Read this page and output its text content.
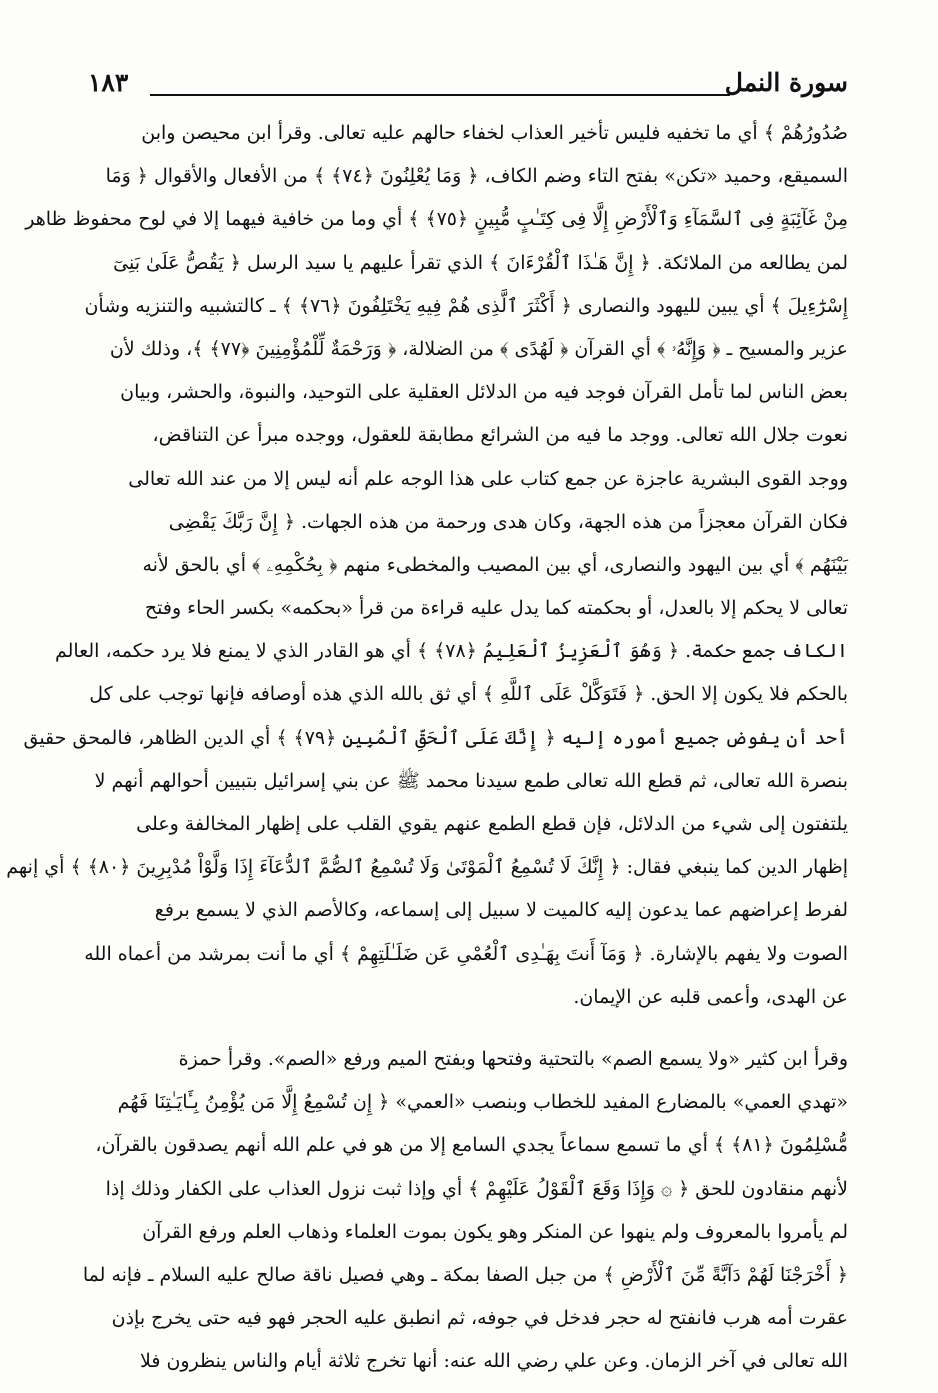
سورة النمل
١٨٣
صُدُورُهُمْ ﴾ أي ما تخفيه فليس تأخير العذاب لخفاء حالهم عليه تعالى. وقرأ ابن محيصن وابن
السميقع، وحميد «تكن» بفتح التاء وضم الكاف، ﴿ وَمَا يُعْلِنُونَ ﴿٧٤﴾ ﴾ من الأفعال والأقوال ﴿ وَمَا
مِنْ غَآئِبَةٍ فِى ٱلسَّمَآءِ وَٱلْأَرْضِ إِلَّا فِى كِتَـٰبٍ مُّبِينٍ ﴿٧٥﴾ ﴾ أي وما من خافية فيهما إلا في لوح محفوظ ظاهر
لمن يطالعه من الملائكة. ﴿ إِنَّ هَـٰذَا ٱلْقُرْءَانَ ﴾ الذي تقرأ عليهم يا سيد الرسل ﴿ يَقُصُّ عَلَىٰ بَنِىٓ
إِسْرَٰٓءِيلَ ﴾ أي يبين لليهود والنصارى ﴿ أَكْثَرَ ٱلَّذِى هُمْ فِيهِ يَخْتَلِفُونَ ﴿٧٦﴾ ﴾ ـ كالتشبيه والتنزيه وشأن
عزير والمسيح ـ ﴿ وَإِنَّهُۥ ﴾ أي القرآن ﴿ لَهُدًى ﴾ من الضلالة، ﴿ وَرَحْمَةٌ لِّلْمُؤْمِنِينَ ﴿٧٧﴾ ﴾، وذلك لأن
بعض الناس لما تأمل القرآن فوجد فيه من الدلائل العقلية على التوحيد، والنبوة، والحشر، وبيان
نعوت جلال الله تعالى. ووجد ما فيه من الشرائع مطابقة للعقول، ووجده مبرأ عن التناقض،
ووجد القوى البشرية عاجزة عن جمع كتاب على هذا الوجه علم أنه ليس إلا من عند الله تعالى
فكان القرآن معجزاً من هذه الجهة، وكان هدى ورحمة من هذه الجهات. ﴿ إِنَّ رَبَّكَ يَقْضِى
بَيْنَهُم ﴾ أي بين اليهود والنصارى، أي بين المصيب والمخطىء منهم ﴿ بِحُكْمِهِۦ ﴾ أي بالحق لأنه
تعالى لا يحكم إلا بالعدل، أو بحكمته كما يدل عليه قراءة من قرأ «بحكمه» بكسر الحاء وفتح
الكاف جمع حكمة. ﴿ وَهُوَ ٱلْعَزِيزُ ٱلْعَلِيمُ ﴿٧٨﴾ ﴾ أي هو القادر الذي لا يمنع فلا يرد حكمه، العالم
بالحكم فلا يكون إلا الحق. ﴿ فَتَوَكَّلْ عَلَى ٱللَّهِ ﴾ أي ثق بالله الذي هذه أوصافه فإنها توجب على كل
أحد أن يفوض جميع أموره إليه ﴿ إِنَّكَ عَلَى ٱلْحَقِّ ٱلْمُبِينِ ﴿٧٩﴾ ﴾ أي الدين الظاهر، فالمحق حقيق
بنصرة الله تعالى، ثم قطع الله تعالى طمع سيدنا محمد ﷺ عن بني إسرائيل بتبيين أحوالهم أنهم لا
يلتفتون إلى شيء من الدلائل، فإن قطع الطمع عنهم يقوي القلب على إظهار المخالفة وعلى
إظهار الدين كما ينبغي فقال: ﴿ إِنَّكَ لَا تُسْمِعُ ٱلْمَوْتَىٰ وَلَا تُسْمِعُ ٱلصُّمَّ ٱلدُّعَآءَ إِذَا وَلَّوْاْ مُدْبِرِينَ ﴿٨٠﴾ ﴾ أي إنهم
لفرط إعراضهم عما يدعون إليه كالميت لا سبيل إلى إسماعه، وكالأصم الذي لا يسمع برفع
الصوت ولا يفهم بالإشارة. ﴿ وَمَآ أَنتَ بِهَـٰدِى ٱلْعُمْىِ عَن ضَلَـٰلَتِهِمْ ﴾ أي ما أنت بمرشد من أعماه الله
عن الهدى، وأعمى قلبه عن الإيمان.
وقرأ ابن كثير «ولا يسمع الصم» بالتحتية وفتحها وبفتح الميم ورفع «الصم». وقرأ حمزة
«تهدي العمي» بالمضارع المفيد للخطاب وبنصب «العمي» ﴿ إِن تُسْمِعُ إِلَّا مَن يُؤْمِنُ بِـَٔايَـٰتِنَا فَهُم
مُّسْلِمُونَ ﴿٨١﴾ ﴾ أي ما تسمع سماعاً يجدي السامع إلا من هو في علم الله أنهم يصدقون بالقرآن،
لأنهم منقادون للحق ﴿ ۞ وَإِذَا وَقَعَ ٱلْقَوْلُ عَلَيْهِمْ ﴾ أي وإذا ثبت نزول العذاب على الكفار وذلك إذا
لم يأمروا بالمعروف ولم ينهوا عن المنكر وهو يكون بموت العلماء وذهاب العلم ورفع القرآن
﴿ أَخْرَجْنَا لَهُمْ دَآبَّةً مِّنَ ٱلْأَرْضِ ﴾ من جبل الصفا بمكة ـ وهي فصيل ناقة صالح عليه السلام ـ فإنه لما
عقرت أمه هرب فانفتح له حجر فدخل في جوفه، ثم انطبق عليه الحجر فهو فيه حتى يخرج بإذن
الله تعالى في آخر الزمان. وعن علي رضي الله عنه: أنها تخرج ثلاثة أيام والناس ينظرون فلا
